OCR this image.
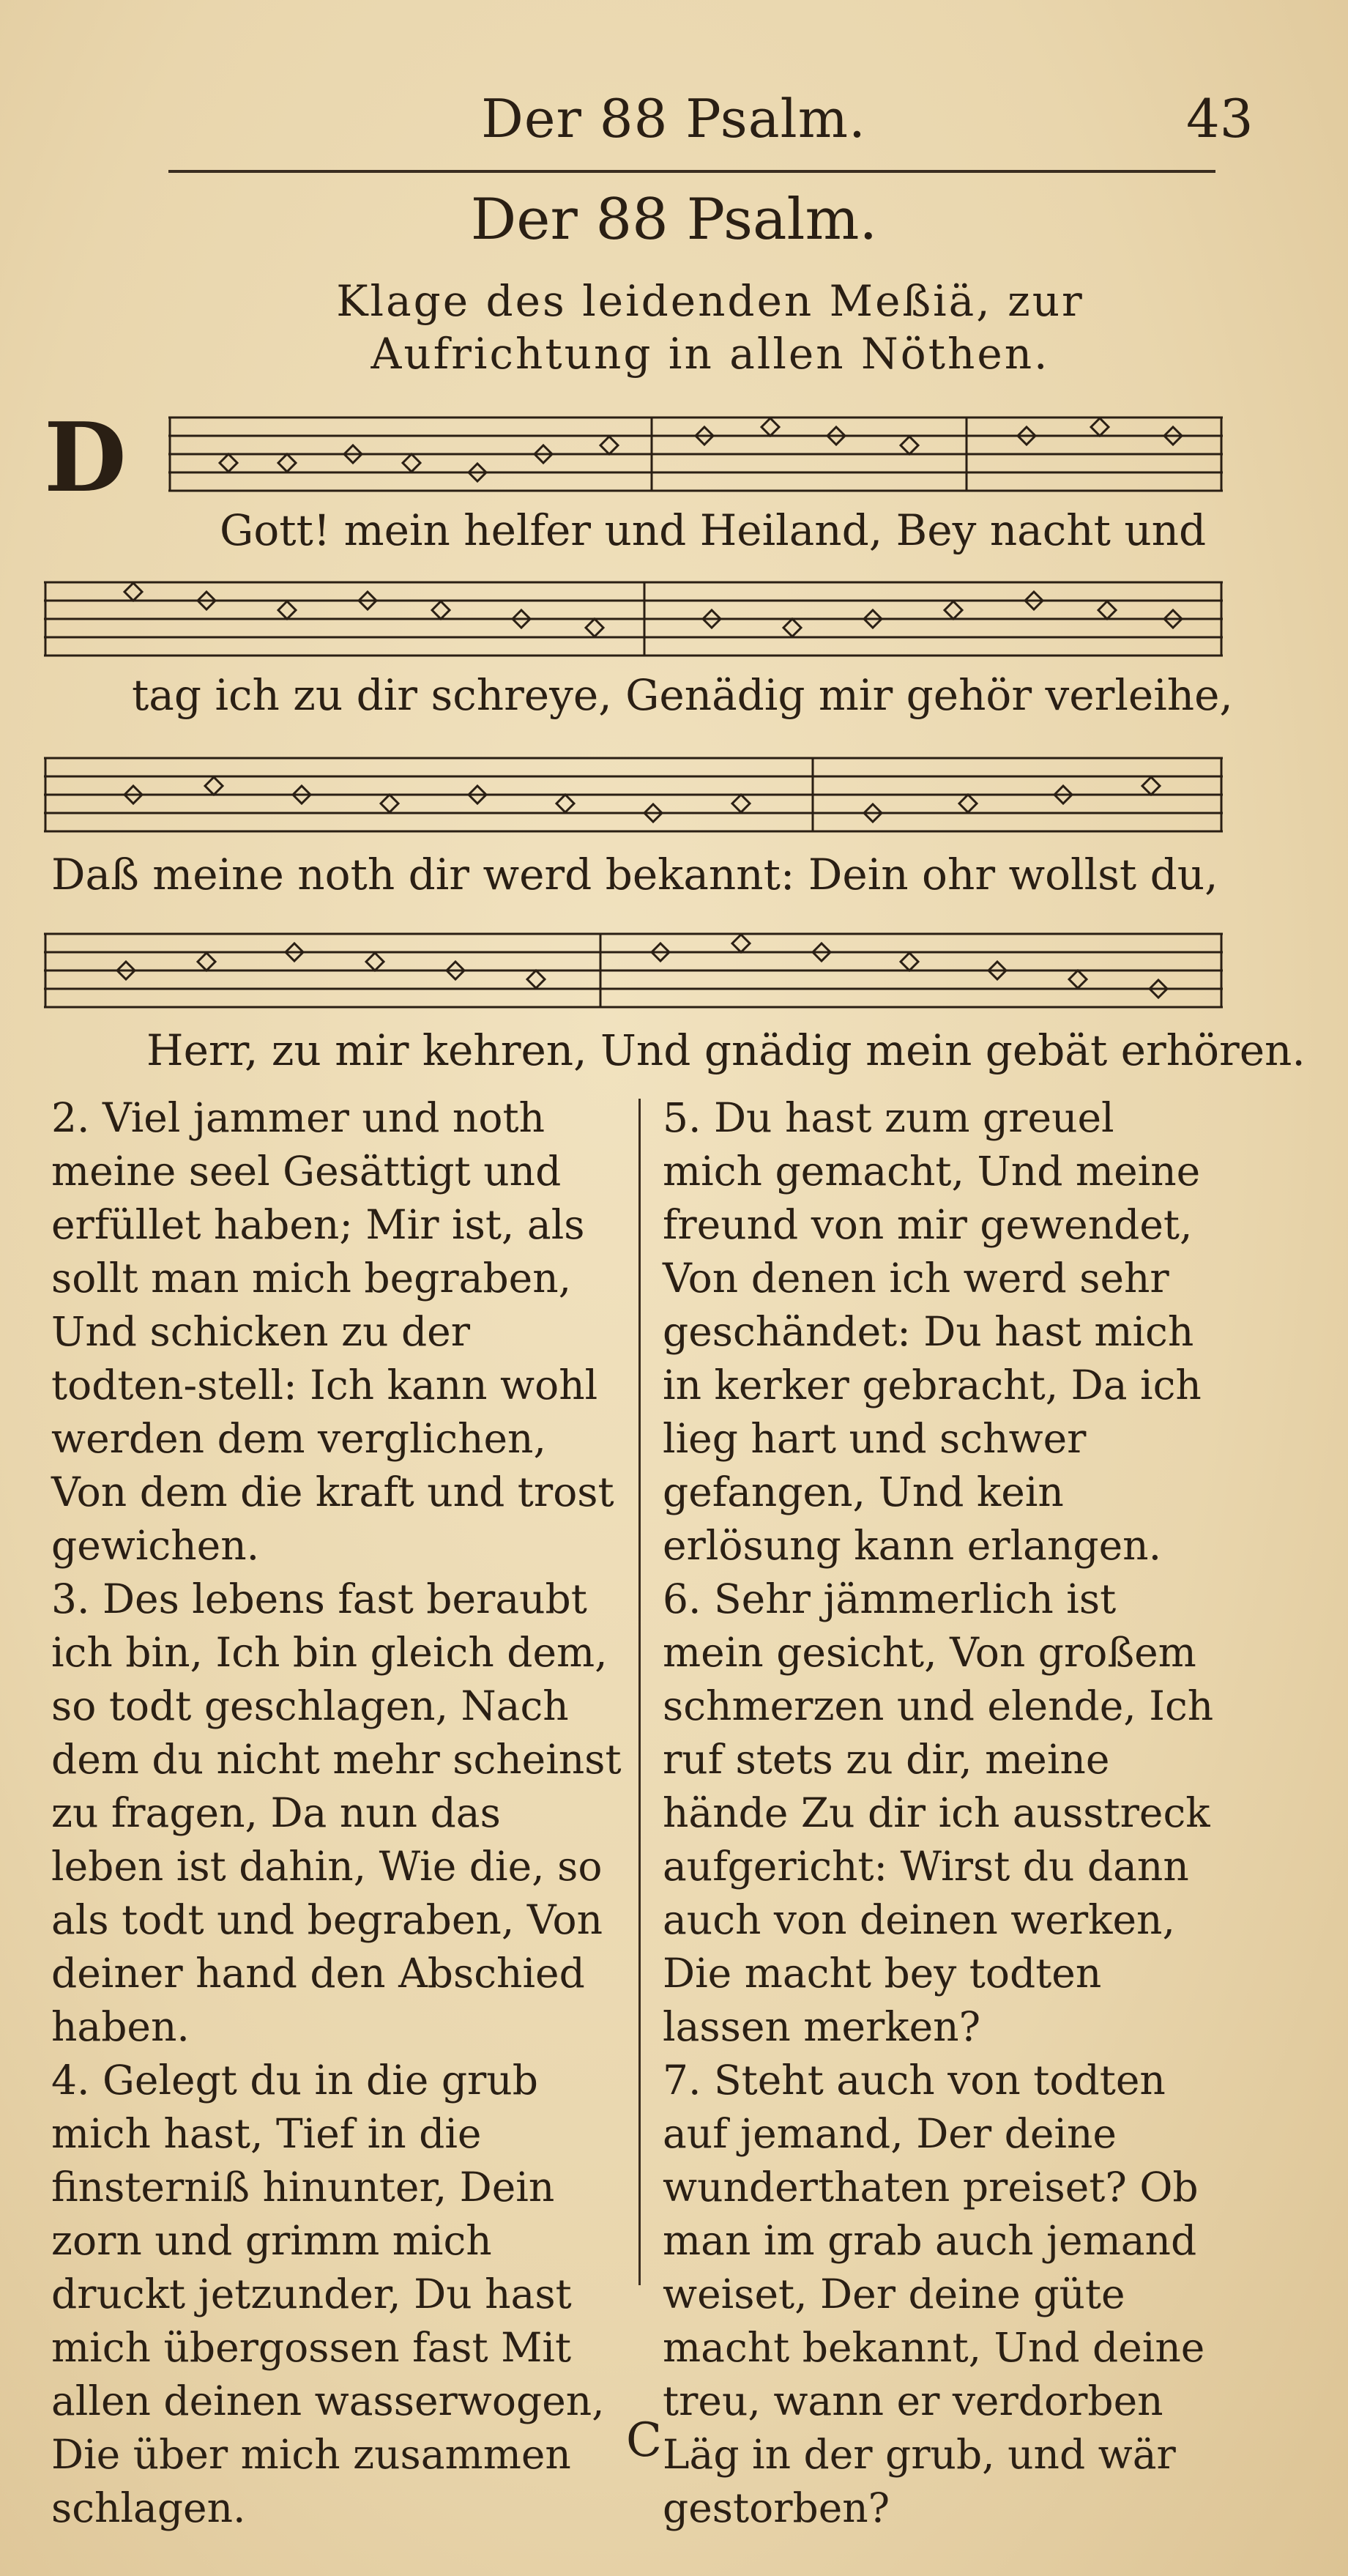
Der 88 Psalm.	43
Der 88 Psalm.
Klage des leidenden Meßiä, zur Aufrichtung in allen Nöthen.
D
Gott! mein helfer und Heiland, Bey nacht und
tag ich zu dir schreye, Genädig mir gehör verleihe,
Daß meine noth dir werd bekannt: Dein ohr wollst du,
Herr, zu mir kehren, Und gnädig mein gebät erhören.

2. Viel jammer und noth meine seel Gesättigt und erfüllet haben; Mir ist, als sollt man mich begraben, Und schicken zu der todten-stell: Ich kann wohl werden dem verglichen, Von dem die kraft und trost gewichen.

3. Des lebens fast beraubt ich bin, Ich bin gleich dem, so todt geschlagen, Nach dem du nicht mehr scheinst zu fragen, Da nun das leben ist dahin, Wie die, so als todt und begraben, Von deiner hand den Abschied haben.

4. Gelegt du in die grub mich hast, Tief in die finsterniß hinunter, Dein zorn und grimm mich druckt jetzunder, Du hast mich übergossen fast Mit allen deinen wasserwogen, Die über mich zusammen schlagen.

5. Du hast zum greuel mich gemacht, Und meine freund von mir gewendet, Von denen ich werd sehr geschändet: Du hast mich in kerker gebracht, Da ich lieg hart und schwer gefangen, Und kein erlösung kann erlangen.

6. Sehr jämmerlich ist mein gesicht, Von großem schmerzen und elende, Ich ruf stets zu dir, meine hände Zu dir ich ausstreck aufgericht: Wirst du dann auch von deinen werken, Die macht bey todten lassen merken?

7. Steht auch von todten auf jemand, Der deine wunderthaten preiset? Ob man im grab auch jemand weiset, Der deine güte macht bekannt, Und deine treu, wann er verdorben Läg in der grub, und wär gestorben?

C
